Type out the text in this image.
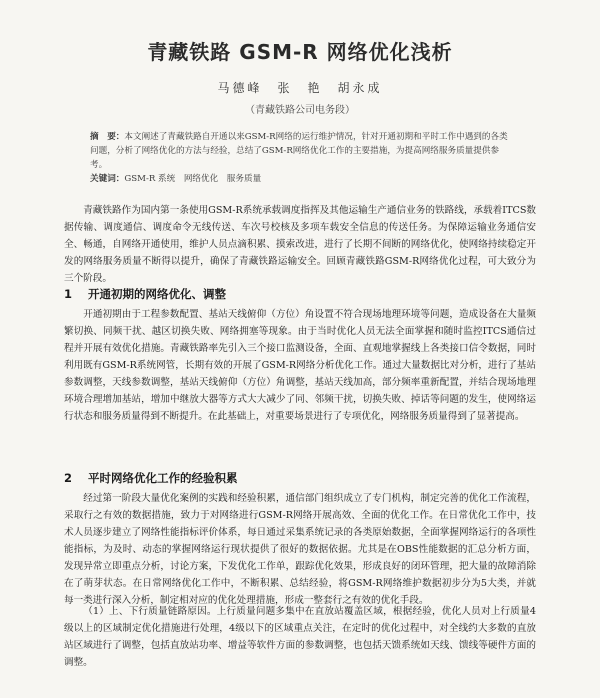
青藏铁路 GSM-R 网络优化浅析
马德峰　张　艳　胡永成
（青藏铁路公司电务段）
摘　要：本文阐述了青藏铁路自开通以来GSM-R网络的运行维护情况，针对开通初期和平时工作中遇到的各类问题，分析了网络优化的方法与经验，总结了GSM-R网络优化工作的主要措施，为提高网络服务质量提供参考。
关键词：GSM-R 系统　网络优化　服务质量
青藏铁路作为国内第一条使用GSM-R系统承载调度指挥及其他运输生产通信业务的铁路线，承载着ITCS数据传输、调度通信、调度命令无线传送、车次号校核及多项车载安全信息的传送任务。为保障运输业务通信安全、畅通，自网络开通使用，维护人员点滴积累、摸索改进，进行了长期不间断的网络优化，使网络持续稳定开发的网络服务质量不断得以提升，确保了青藏铁路运输安全。回顾青藏铁路GSM-R网络优化过程，可大致分为三个阶段。
1 开通初期的网络优化、调整
开通初期由于工程参数配置、基站天线俯仰（方位）角设置不符合现场地理环境等问题，造成设备在大量频繁切换、同频干扰、越区切换失败、网络拥塞等现象。由于当时优化人员无法全面掌握和随时监控ITCS通信过程并开展有效优化措施。青藏铁路率先引入三个接口监测设备，全面、直观地掌握线上各类接口信令数据，同时利用既有GSM-R系统网管，长期有效的开展了GSM-R网络分析优化工作。通过大量数据比对分析，进行了基站参数调整，天线参数调整，基站天线俯仰（方位）角调整，基站天线加高，部分频率重新配置，并结合现场地理环境合理增加基站，增加中继放大器等方式大大减少了同、邻频干扰，切换失败、掉话等问题的发生，使网络运行状态和服务质量得到不断提升。在此基础上，对重要场景进行了专项优化，网络服务质量得到了显著提高。
2 平时网络优化工作的经验积累
经过第一阶段大量优化案例的实践和经验积累，通信部门组织成立了专门机构，制定完善的优化工作流程，采取行之有效的数据措施，致力于对网络进行GSM-R网络开展高效、全面的优化工作。在日常优化工作中，技术人员逐步建立了网络性能指标评价体系，每日通过采集系统记录的各类原始数据，全面掌握网络运行的各项性能指标，为及时、动态的掌握网络运行现状提供了很好的数据依据。尤其是在OBS性能数据的汇总分析方面，发现异常立即重点分析，讨论方案，下发优化工作单，跟踪优化效果，形成良好的闭环管理，把大量的故障消除在了萌芽状态。在日常网络优化工作中，不断积累、总结经验，将GSM-R网络维护数据初步分为5大类，并就每一类进行深入分析，制定相对应的优化处理措施，形成一整套行之有效的优化手段。
（1）上、下行质量链路原因。上行质量问题多集中在直放站覆盖区域，根据经验，优化人员对上行质量4级以上的区域制定优化措施进行处理，4级以下的区域重点关注，在定时的优化过程中，对全线约大多数的直放站区域进行了调整，包括直放站功率、增益等软件方面的参数调整，也包括天馈系统如天线、馈线等硬件方面的调整。
